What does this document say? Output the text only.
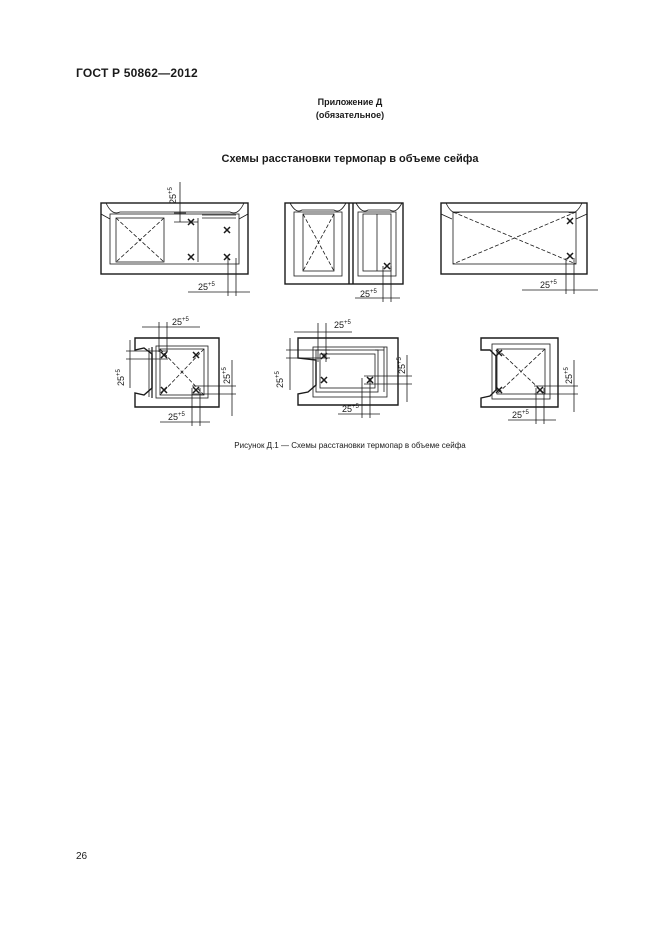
ГОСТ Р 50862—2012
Приложение Д
(обязательное)
Схемы расстановки термопар в объеме сейфа
$25^{+5}$
$25^{+5}$
$25^{+5}$
$25^{+5}$
$25^{+5}$
$25^{+5}$
$25^{+5}$
$25^{+5}$
$25^{+5}$
$25^{+5}$
$25^{+5}$
$25^{+5}$
$25^{+5}$
$25^{+5}$
Рисунок Д.1 — Схемы расстановки термопар в объеме сейфа
26
